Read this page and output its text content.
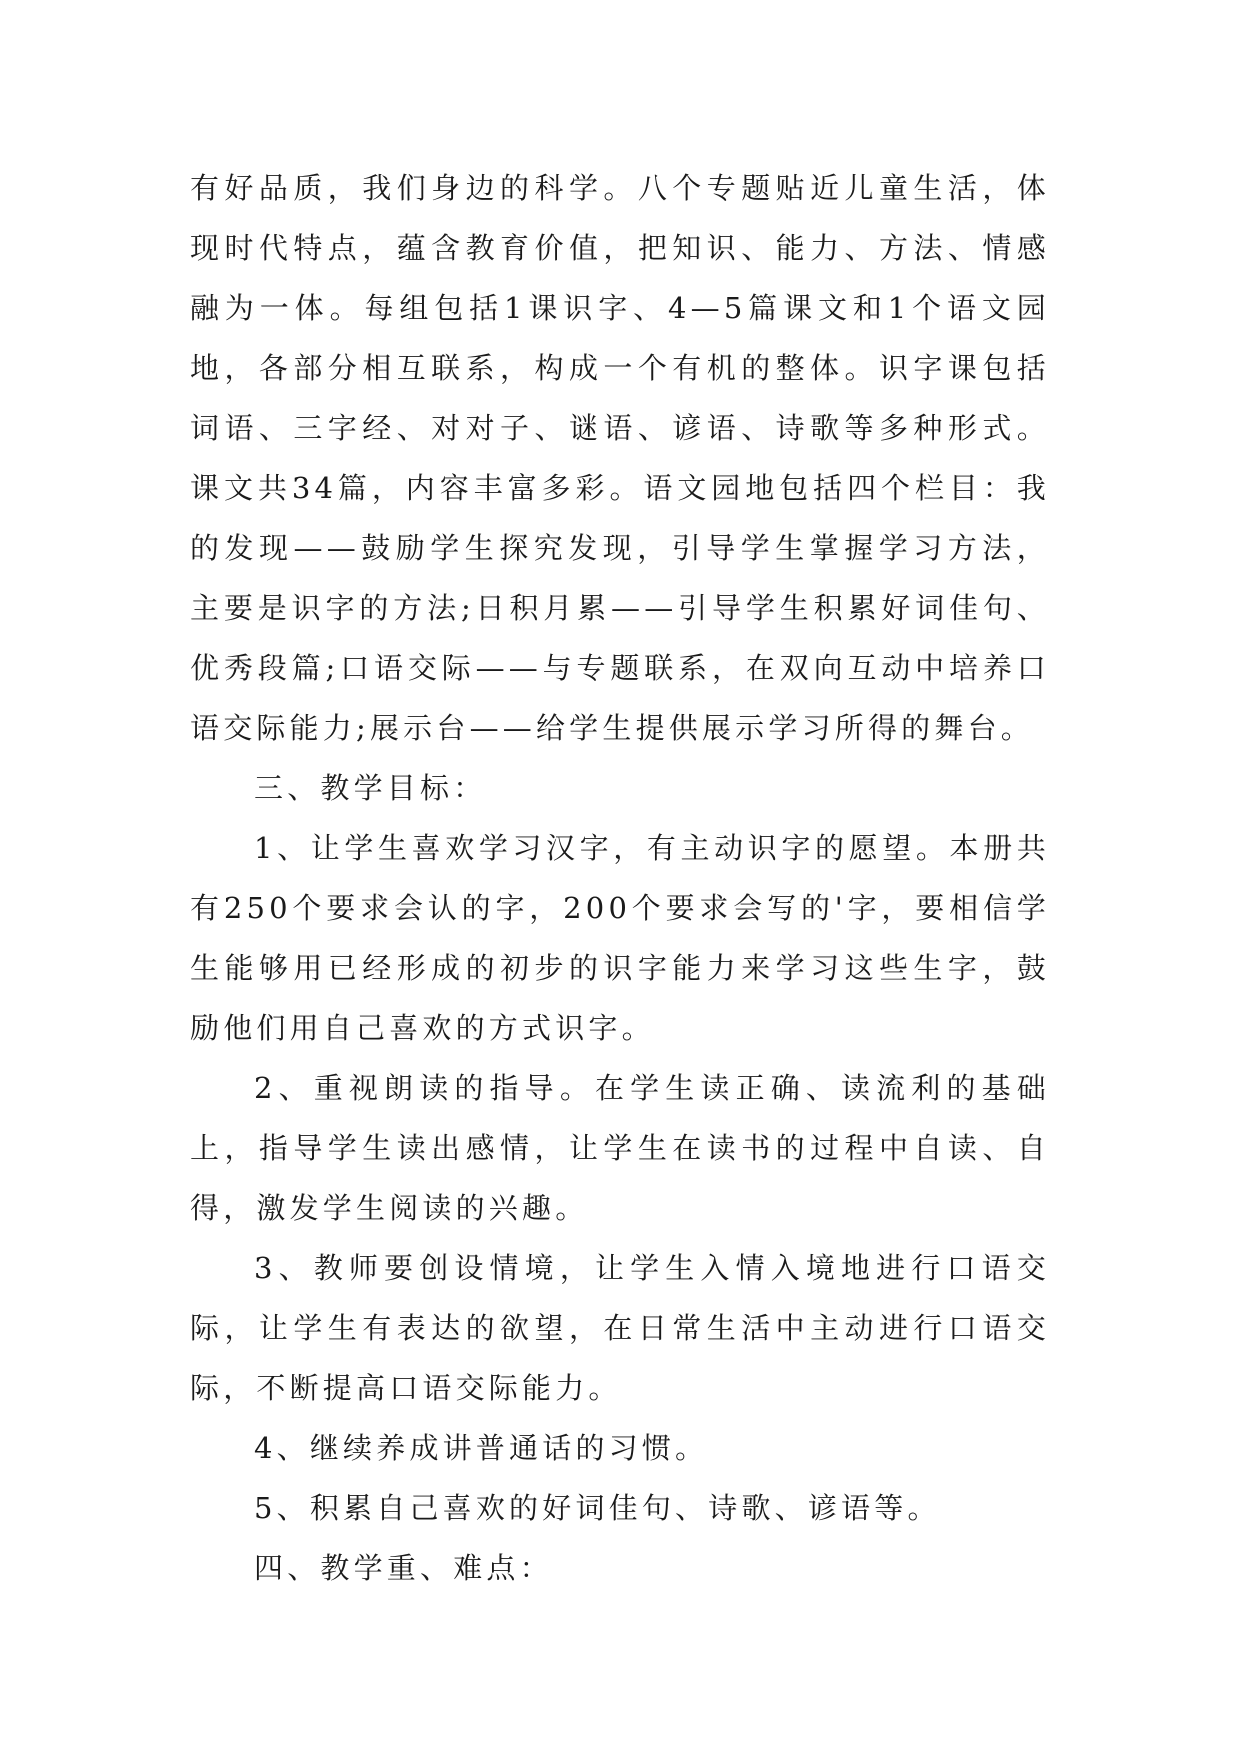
有好品质，我们身边的科学。八个专题贴近儿童生活，体现时代特点，蕴含教育价值，把知识、能力、方法、情感融为一体。每组包括1课识字、4—5篇课文和1个语文园地，各部分相互联系，构成一个有机的整体。识字课包括词语、三字经、对对子、谜语、谚语、诗歌等多种形式。课文共34篇，内容丰富多彩。语文园地包括四个栏目：我的发现——鼓励学生探究发现，引导学生掌握学习方法，主要是识字的方法;日积月累——引导学生积累好词佳句、优秀段篇;口语交际——与专题联系，在双向互动中培养口语交际能力;展示台——给学生提供展示学习所得的舞台。

三、教学目标：

1、让学生喜欢学习汉字，有主动识字的愿望。本册共有250个要求会认的字，200个要求会写的'字，要相信学生能够用已经形成的初步的识字能力来学习这些生字，鼓励他们用自己喜欢的方式识字。

2、重视朗读的指导。在学生读正确、读流利的基础上，指导学生读出感情，让学生在读书的过程中自读、自得，激发学生阅读的兴趣。

3、教师要创设情境，让学生入情入境地进行口语交际，让学生有表达的欲望，在日常生活中主动进行口语交际，不断提高口语交际能力。

4、继续养成讲普通话的习惯。

5、积累自己喜欢的好词佳句、诗歌、谚语等。

四、教学重、难点：
